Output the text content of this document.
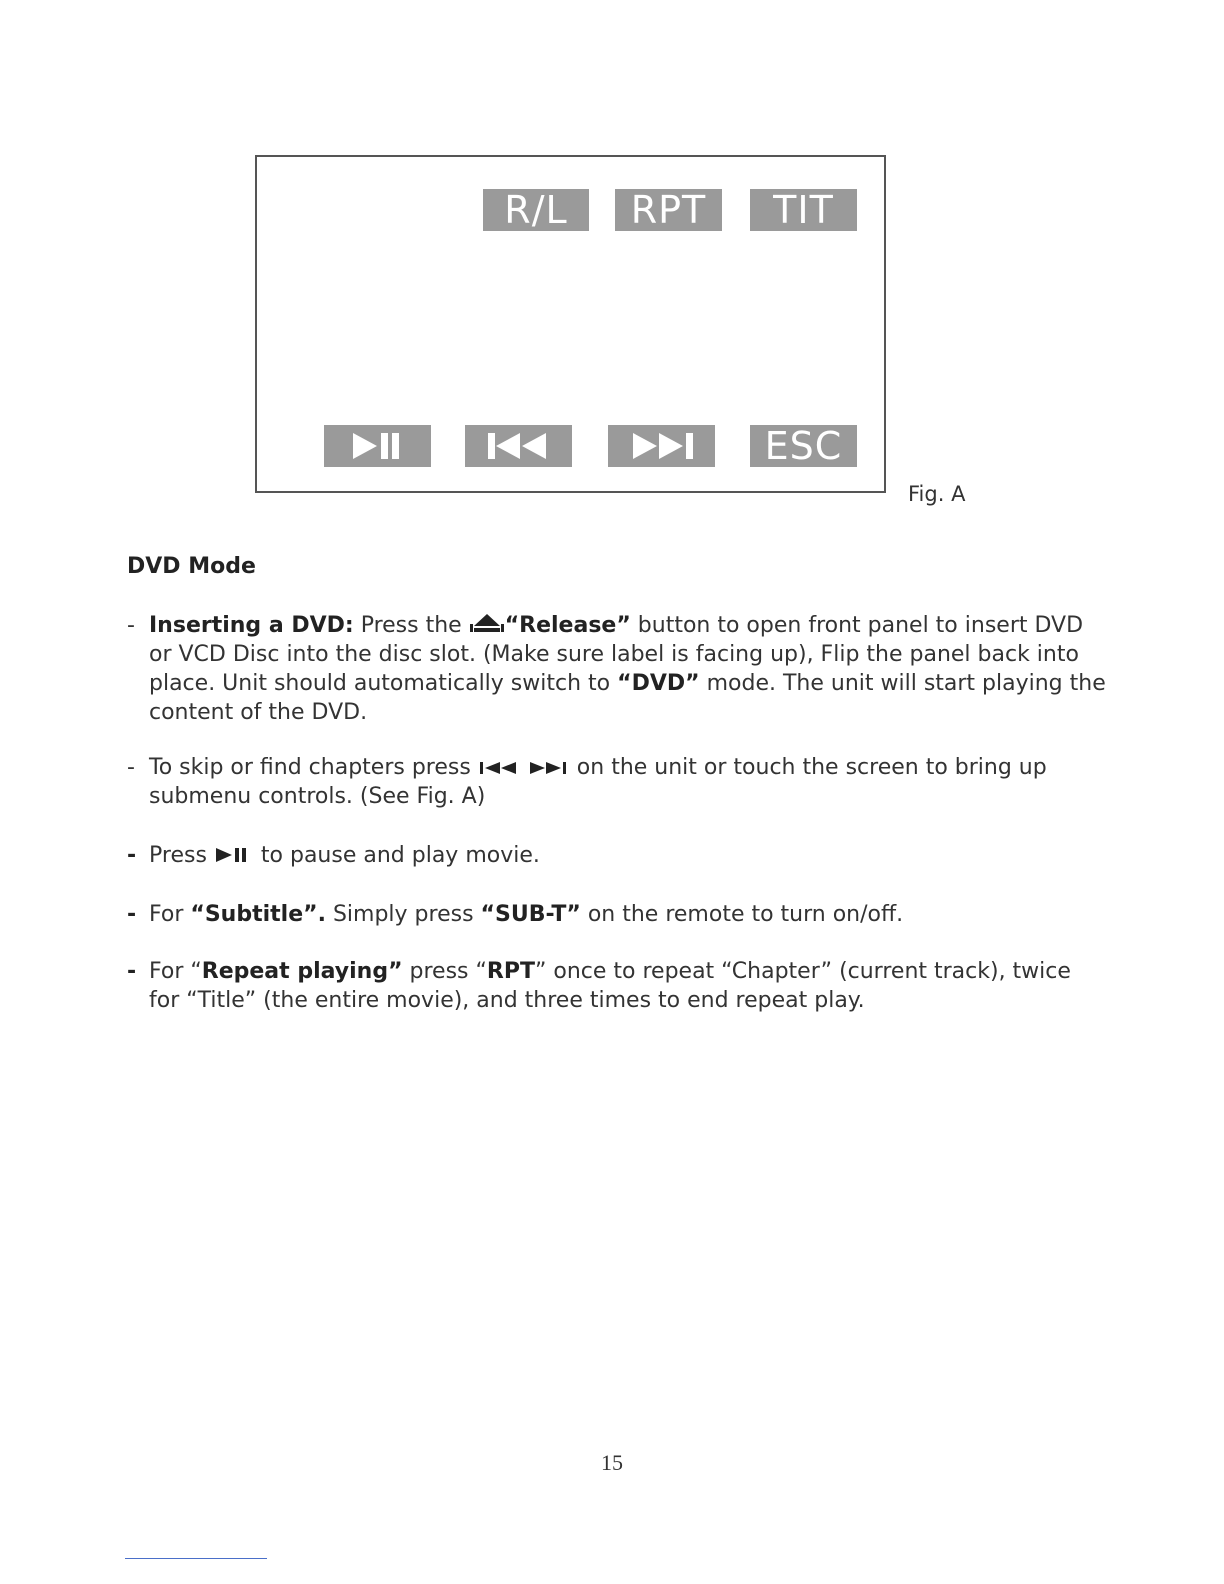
R/L RPT TIT
ESC
Fig. A
DVD Mode
- Inserting a DVD: Press the “Release” button to open front panel to insert DVD or VCD Disc into the disc slot. (Make sure label is facing up), Flip the panel back into place. Unit should automatically switch to “DVD” mode. The unit will start playing the content of the DVD.
- To skip or find chapters press	on the unit or touch the screen to bring up submenu controls. (See Fig. A)
- Press  to pause and play movie.
- For “Subtitle”. Simply press “SUB-T” on the remote to turn on/off.
- For “Repeat playing” press “RPT” once to repeat “Chapter” (current track), twice for “Title” (the entire movie), and three times to end repeat play.
15
